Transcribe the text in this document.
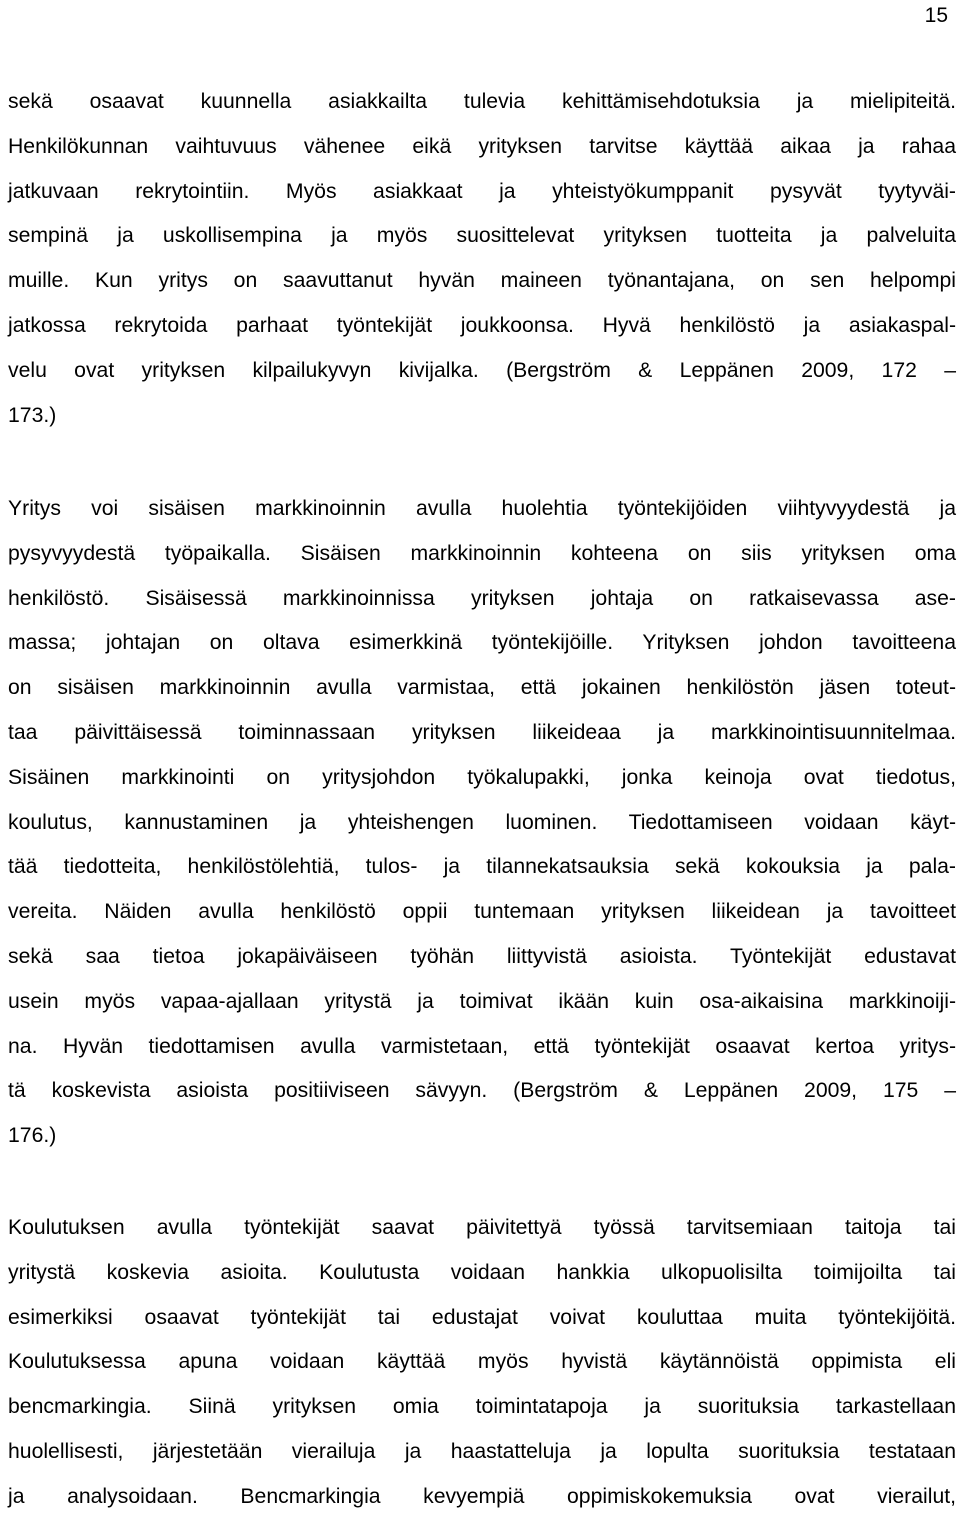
15
sekä osaavat kuunnella asiakkailta tulevia kehittämisehdotuksia ja mielipiteitä.
Henkilökunnan vaihtuvuus vähenee eikä yrityksen tarvitse käyttää aikaa ja rahaa
jatkuvaan rekrytointiin. Myös asiakkaat ja yhteistyökumppanit pysyvät tyytyväi-
sempinä ja uskollisempina ja myös suosittelevat yrityksen tuotteita ja palveluita
muille. Kun yritys on saavuttanut hyvän maineen työnantajana, on sen helpompi
jatkossa rekrytoida parhaat työntekijät joukkoonsa. Hyvä henkilöstö ja asiakaspal-
velu ovat yrityksen kilpailukyvyn kivijalka. (Bergström & Leppänen 2009, 172 –
173.)
Yritys voi sisäisen markkinoinnin avulla huolehtia työntekijöiden viihtyvyydestä ja
pysyvyydestä työpaikalla. Sisäisen markkinoinnin kohteena on siis yrityksen oma
henkilöstö. Sisäisessä markkinoinnissa yrityksen johtaja on ratkaisevassa ase-
massa; johtajan on oltava esimerkkinä työntekijöille. Yrityksen johdon tavoitteena
on sisäisen markkinoinnin avulla varmistaa, että jokainen henkilöstön jäsen toteut-
taa päivittäisessä toiminnassaan yrityksen liikeideaa ja markkinointisuunnitelmaa.
Sisäinen markkinointi on yritysjohdon työkalupakki, jonka keinoja ovat tiedotus,
koulutus, kannustaminen ja yhteishengen luominen. Tiedottamiseen voidaan käyt-
tää tiedotteita, henkilöstölehtiä, tulos- ja tilannekatsauksia sekä kokouksia ja pala-
vereita. Näiden avulla henkilöstö oppii tuntemaan yrityksen liikeidean ja tavoitteet
sekä saa tietoa jokapäiväiseen työhän liittyvistä asioista. Työntekijät edustavat
usein myös vapaa-ajallaan yritystä ja toimivat ikään kuin osa-aikaisina markkinoiji-
na. Hyvän tiedottamisen avulla varmistetaan, että työntekijät osaavat kertoa yritys-
tä koskevista asioista positiiviseen sävyyn. (Bergström & Leppänen 2009, 175 –
176.)
Koulutuksen avulla työntekijät saavat päivitettyä työssä tarvitsemiaan taitoja tai
yritystä koskevia asioita. Koulutusta voidaan hankkia ulkopuolisilta toimijoilta tai
esimerkiksi osaavat työntekijät tai edustajat voivat kouluttaa muita työntekijöitä.
Koulutuksessa apuna voidaan käyttää myös hyvistä käytännöistä oppimista eli
bencmarkingia. Siinä yrityksen omia toimintatapoja ja suorituksia tarkastellaan
huolellisesti, järjestetään vierailuja ja haastatteluja ja lopulta suorituksia testataan
ja analysoidaan. Bencmarkingia kevyempiä oppimiskokemuksia ovat vierailut,
